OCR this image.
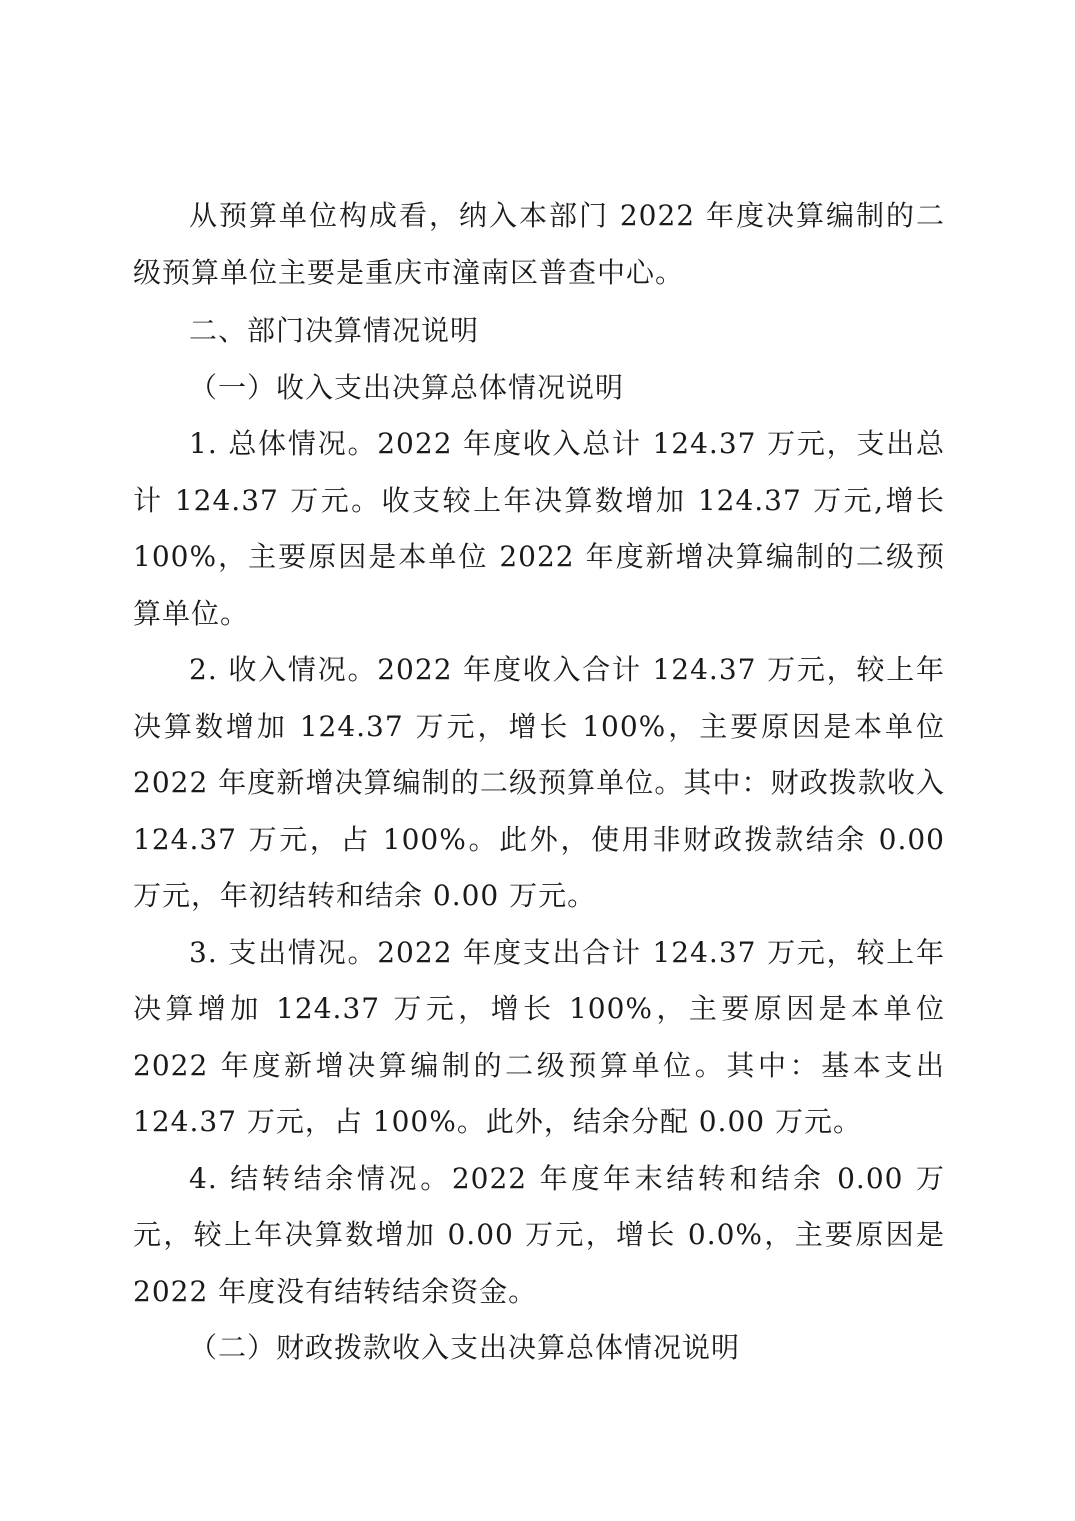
从预算单位构成看，纳入本部门 2022 年度决算编制的二级预算单位主要是重庆市潼南区普查中心。

二、部门决算情况说明

（一）收入支出决算总体情况说明

1. 总体情况。2022 年度收入总计 124.37 万元，支出总计 124.37 万元。收支较上年决算数增加 124.37 万元,增长 100%，主要原因是本单位 2022 年度新增决算编制的二级预算单位。

2. 收入情况。2022 年度收入合计 124.37 万元，较上年决算数增加 124.37 万元，增长 100%，主要原因是本单位 2022 年度新增决算编制的二级预算单位。其中：财政拨款收入 124.37 万元，占 100%。此外，使用非财政拨款结余 0.00 万元，年初结转和结余 0.00 万元。

3. 支出情况。2022 年度支出合计 124.37 万元，较上年决算增加 124.37 万元，增长 100%，主要原因是本单位 2022 年度新增决算编制的二级预算单位。其中：基本支出 124.37 万元，占 100%。此外，结余分配 0.00 万元。

4. 结转结余情况。2022 年度年末结转和结余 0.00 万元，较上年决算数增加 0.00 万元，增长 0.0%，主要原因是 2022 年度没有结转结余资金。

（二）财政拨款收入支出决算总体情况说明
